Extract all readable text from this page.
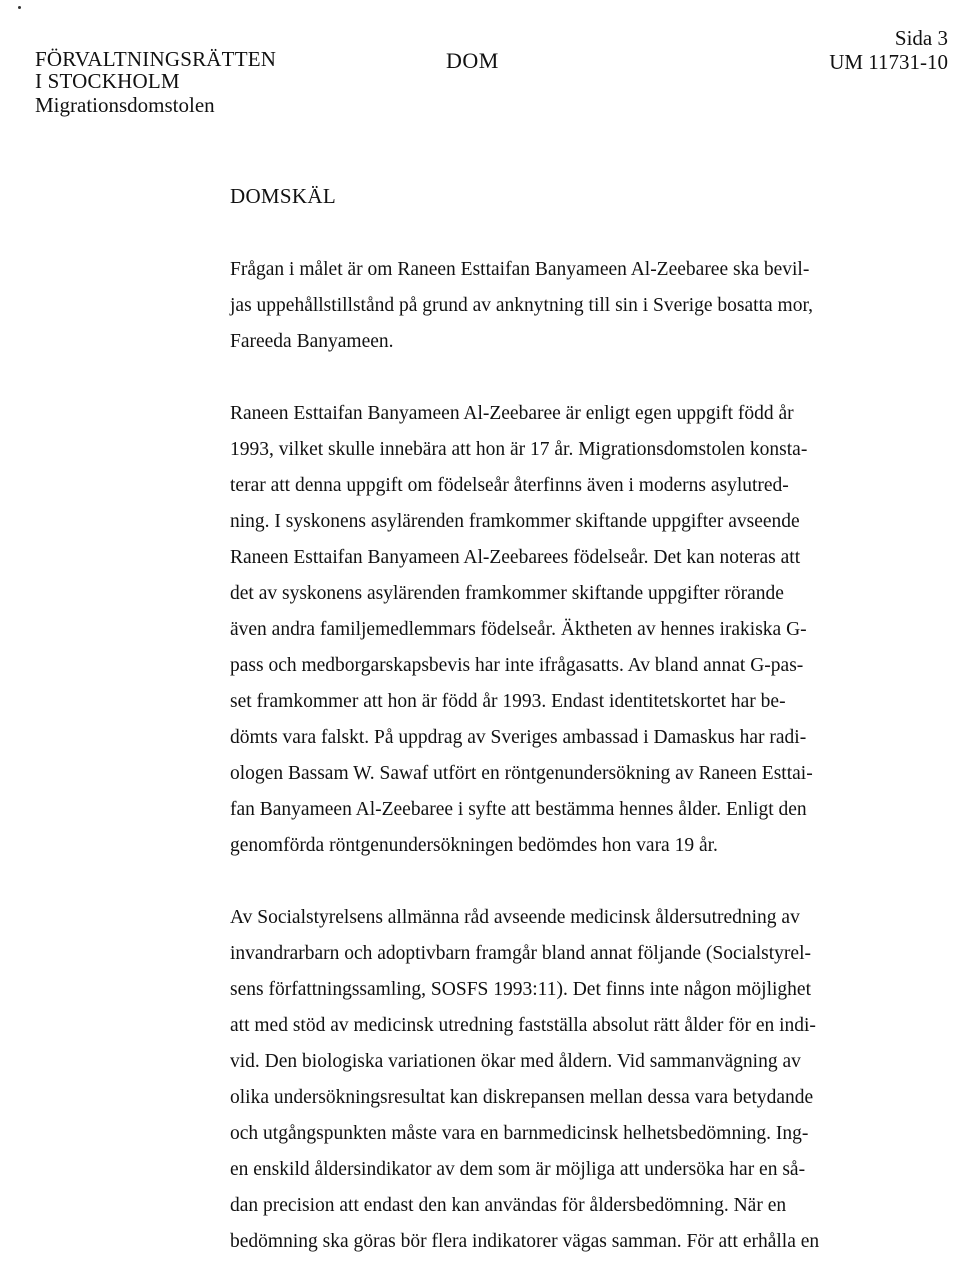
FÖRVALTNINGSRÄTTEN
I STOCKHOLM
Migrationsdomstolen
DOM
Sida 3
UM 11731-10
DOMSKÄL
Frågan i målet är om Raneen Esttaifan Banyameen Al-Zeebaree ska bevil-
jas uppehållstillstånd på grund av anknytning till sin i Sverige bosatta mor,
Fareeda Banyameen.
Raneen Esttaifan Banyameen Al-Zeebaree är enligt egen uppgift född år
1993, vilket skulle innebära att hon är 17 år. Migrationsdomstolen konsta-
terar att denna uppgift om födelseår återfinns även i moderns asylutred-
ning. I syskonens asylärenden framkommer skiftande uppgifter avseende
Raneen Esttaifan Banyameen Al-Zeebarees födelseår. Det kan noteras att
det av syskonens asylärenden framkommer skiftande uppgifter rörande
även andra familjemedlemmars födelseår. Äktheten av hennes irakiska G-
pass och medborgarskapsbevis har inte ifrågasatts. Av bland annat G-pas-
set framkommer att hon är född år 1993. Endast identitetskortet har be-
dömts vara falskt. På uppdrag av Sveriges ambassad i Damaskus har radi-
ologen Bassam W. Sawaf utfört en röntgenundersökning av Raneen Esttai-
fan Banyameen Al-Zeebaree i syfte att bestämma hennes ålder. Enligt den
genomförda röntgenundersökningen bedömdes hon vara 19 år.
Av Socialstyrelsens allmänna råd avseende medicinsk åldersutredning av
invandrarbarn och adoptivbarn framgår bland annat följande (Socialstyrel-
sens författningssamling, SOSFS 1993:11). Det finns inte någon möjlighet
att med stöd av medicinsk utredning fastställa absolut rätt ålder för en indi-
vid. Den biologiska variationen ökar med åldern. Vid sammanvägning av
olika undersökningsresultat kan diskrepansen mellan dessa vara betydande
och utgångspunkten måste vara en barnmedicinsk helhetsbedömning. Ing-
en enskild åldersindikator av dem som är möjliga att undersöka har en så-
dan precision att endast den kan användas för åldersbedömning. När en
bedömning ska göras bör flera indikatorer vägas samman. För att erhålla en
